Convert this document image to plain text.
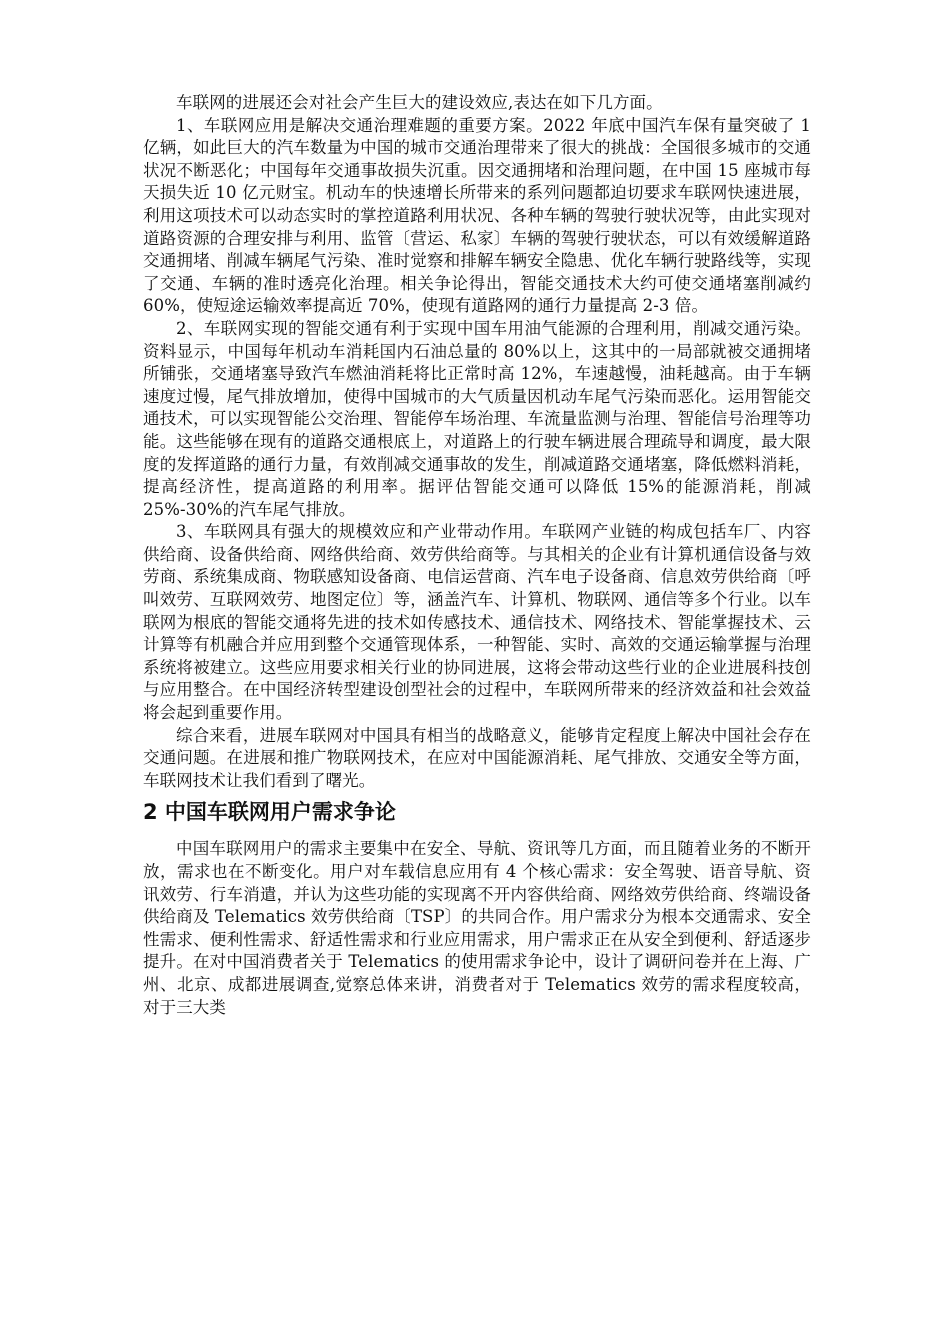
车联网的进展还会对社会产生巨大的建设效应,表达在如下几方面。

1、车联网应用是解决交通治理难题的重要方案。2022 年底中国汽车保有量突破了 1 亿辆，如此巨大的汽车数量为中国的城市交通治理带来了很大的挑战：全国很多城市的交通状况不断恶化；中国每年交通事故损失沉重。因交通拥堵和治理问题，在中国 15 座城市每天损失近 10 亿元财宝。机动车的快速增长所带来的系列问题都迫切要求车联网快速进展，利用这项技术可以动态实时的掌控道路利用状况、各种车辆的驾驶行驶状况等，由此实现对道路资源的合理安排与利用、监管〔营运、私家〕车辆的驾驶行驶状态，可以有效缓解道路交通拥堵、削减车辆尾气污染、准时觉察和排解车辆安全隐患、优化车辆行驶路线等，实现了交通、车辆的准时透亮化治理。相关争论得出，智能交通技术大约可使交通堵塞削减约 60%，使短途运输效率提高近 70%，使现有道路网的通行力量提高 2-3 倍。

2、车联网实现的智能交通有利于实现中国车用油气能源的合理利用，削减交通污染。资料显示，中国每年机动车消耗国内石油总量的 80%以上，这其中的一局部就被交通拥堵所铺张，交通堵塞导致汽车燃油消耗将比正常时高 12%，车速越慢，油耗越高。由于车辆速度过慢，尾气排放增加，使得中国城市的大气质量因机动车尾气污染而恶化。运用智能交通技术，可以实现智能公交治理、智能停车场治理、车流量监测与治理、智能信号治理等功能。这些能够在现有的道路交通根底上，对道路上的行驶车辆进展合理疏导和调度，最大限度的发挥道路的通行力量，有效削减交通事故的发生，削减道路交通堵塞，降低燃料消耗，提高经济性，提高道路的利用率。据评估智能交通可以降低 15%的能源消耗，削减25%-30%的汽车尾气排放。

3、车联网具有强大的规模效应和产业带动作用。车联网产业链的构成包括车厂、内容供给商、设备供给商、网络供给商、效劳供给商等。与其相关的企业有计算机通信设备与效劳商、系统集成商、物联感知设备商、电信运营商、汽车电子设备商、信息效劳供给商〔呼叫效劳、互联网效劳、地图定位〕等，涵盖汽车、计算机、物联网、通信等多个行业。以车联网为根底的智能交通将先进的技术如传感技术、通信技术、网络技术、智能掌握技术、云计算等有机融合并应用到整个交通管现体系，一种智能、实时、高效的交通运输掌握与治理系统将被建立。这些应用要求相关行业的协同进展，这将会带动这些行业的企业进展科技创与应用整合。在中国经济转型建设创型社会的过程中，车联网所带来的经济效益和社会效益将会起到重要作用。

综合来看，进展车联网对中国具有相当的战略意义，能够肯定程度上解决中国社会存在交通问题。在进展和推广物联网技术，在应对中国能源消耗、尾气排放、交通安全等方面，车联网技术让我们看到了曙光。

2 中国车联网用户需求争论

中国车联网用户的需求主要集中在安全、导航、资讯等几方面，而且随着业务的不断开放，需求也在不断变化。用户对车载信息应用有 4 个核心需求：安全驾驶、语音导航、资讯效劳、行车消遣，并认为这些功能的实现离不开内容供给商、网络效劳供给商、终端设备供给商及 Telematics 效劳供给商〔TSP〕的共同合作。用户需求分为根本交通需求、安全性需求、便利性需求、舒适性需求和行业应用需求，用户需求正在从安全到便利、舒适逐步提升。在对中国消费者关于 Telematics 的使用需求争论中，设计了调研问卷并在上海、广州、北京、成都进展调查,觉察总体来讲，消费者对于 Telematics 效劳的需求程度较高，对于三大类
